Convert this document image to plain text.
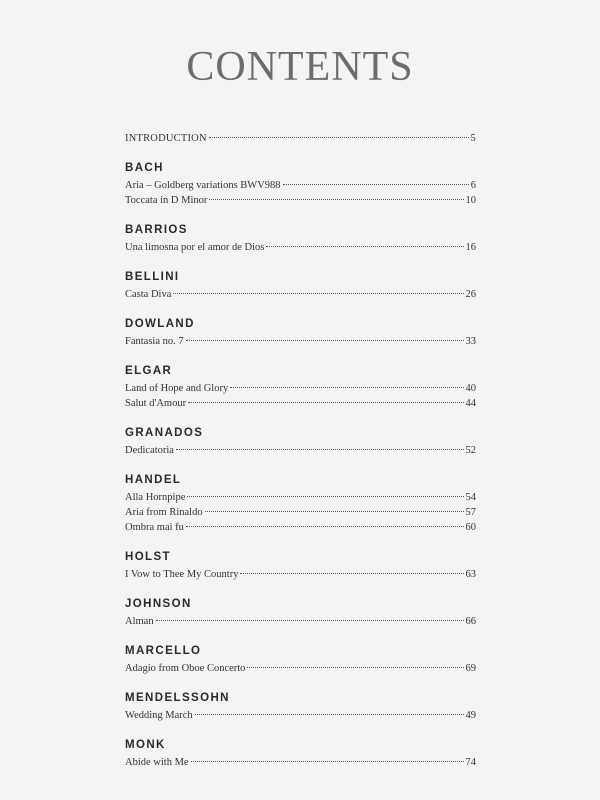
CONTENTS
INTRODUCTION	5
BACH
Aria – Goldberg variations BWV988	6
Toccata in D Minor	10
BARRIOS
Una limosna por el amor de Dios	16
BELLINI
Casta Diva	26
DOWLAND
Fantasia no. 7	33
ELGAR
Land of Hope and Glory	40
Salut d'Amour	44
GRANADOS
Dedicatoria	52
HANDEL
Alla Hornpipe	54
Aria from Rinaldo	57
Ombra mai fu	60
HOLST
I Vow to Thee My Country	63
JOHNSON
Alman	66
MARCELLO
Adagio from Oboe Concerto	69
MENDELSSOHN
Wedding March	49
MONK
Abide with Me	74
